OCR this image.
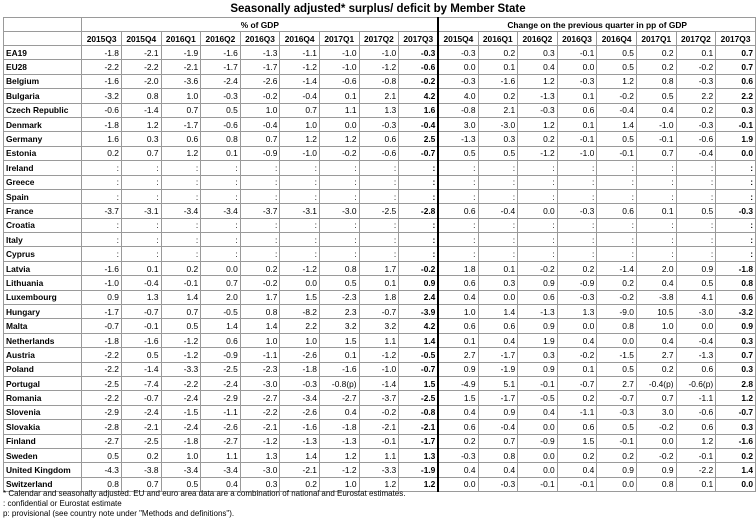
Seasonally adjusted* surplus/ deficit by Member State
	% of GDP									Change on the previous quarter in pp of GDP							
	2015Q3	2015Q4	2016Q1	2016Q2	2016Q3	2016Q4	2017Q1	2017Q2	2017Q3	2015Q4	2016Q1	2016Q2	2016Q3	2016Q4	2017Q1	2017Q2	2017Q3
EA19	-1.8	-2.1	-1.9	-1.6	-1.3	-1.1	-1.0	-1.0	-0.3	-0.3	0.2	0.3	-0.1	0.5	0.2	0.1	0.7
EU28	-2.2	-2.2	-2.1	-1.7	-1.7	-1.2	-1.0	-1.2	-0.6	0.0	0.1	0.4	0.0	0.5	0.2	-0.2	0.7
Belgium	-1.6	-2.0	-3.6	-2.4	-2.6	-1.4	-0.6	-0.8	-0.2	-0.3	-1.6	1.2	-0.3	1.2	0.8	-0.3	0.6
Bulgaria	-3.2	0.8	1.0	-0.3	-0.2	-0.4	0.1	2.1	4.2	4.0	0.2	-1.3	0.1	-0.2	0.5	2.2	2.2
Czech Republic	-0.6	-1.4	0.7	0.5	1.0	0.7	1.1	1.3	1.6	-0.8	2.1	-0.3	0.6	-0.4	0.4	0.2	0.3
Denmark	-1.8	1.2	-1.7	-0.6	-0.4	1.0	0.0	-0.3	-0.4	3.0	-3.0	1.2	0.1	1.4	-1.0	-0.3	-0.1
Germany	1.6	0.3	0.6	0.8	0.7	1.2	1.2	0.6	2.5	-1.3	0.3	0.2	-0.1	0.5	-0.1	-0.6	1.9
Estonia	0.2	0.7	1.2	0.1	-0.9	-1.0	-0.2	-0.6	-0.7	0.5	0.5	-1.2	-1.0	-0.1	0.7	-0.4	0.0
Ireland	:	:	:	:	:	:	:	:	:	:	:	:	:	:	:	:	:
Greece	:	:	:	:	:	:	:	:	:	:	:	:	:	:	:	:	:
Spain	:	:	:	:	:	:	:	:	:	:	:	:	:	:	:	:	:
France	-3.7	-3.1	-3.4	-3.4	-3.7	-3.1	-3.0	-2.5	-2.8	0.6	-0.4	0.0	-0.3	0.6	0.1	0.5	-0.3
Croatia	:	:	:	:	:	:	:	:	:	:	:	:	:	:	:	:	:
Italy	:	:	:	:	:	:	:	:	:	:	:	:	:	:	:	:	:
Cyprus	:	:	:	:	:	:	:	:	:	:	:	:	:	:	:	:	:
Latvia	-1.6	0.1	0.2	0.0	0.2	-1.2	0.8	1.7	-0.2	1.8	0.1	-0.2	0.2	-1.4	2.0	0.9	-1.8
Lithuania	-1.0	-0.4	-0.1	0.7	-0.2	0.0	0.5	0.1	0.9	0.6	0.3	0.9	-0.9	0.2	0.4	0.5	0.8
Luxembourg	0.9	1.3	1.4	2.0	1.7	1.5	-2.3	1.8	2.4	0.4	0.0	0.6	-0.3	-0.2	-3.8	4.1	0.6
Hungary	-1.7	-0.7	0.7	-0.5	0.8	-8.2	2.3	-0.7	-3.9	1.0	1.4	-1.3	1.3	-9.0	10.5	-3.0	-3.2
Malta	-0.7	-0.1	0.5	1.4	1.4	2.2	3.2	3.2	4.2	0.6	0.6	0.9	0.0	0.8	1.0	0.0	0.9
Netherlands	-1.8	-1.6	-1.2	0.6	1.0	1.0	1.5	1.1	1.4	0.1	0.4	1.9	0.4	0.0	0.4	-0.4	0.3
Austria	-2.2	0.5	-1.2	-0.9	-1.1	-2.6	0.1	-1.2	-0.5	2.7	-1.7	0.3	-0.2	-1.5	2.7	-1.3	0.7
Poland	-2.2	-1.4	-3.3	-2.5	-2.3	-1.8	-1.6	-1.0	-0.7	0.9	-1.9	0.9	0.1	0.5	0.2	0.6	0.3
Portugal	-2.5	-7.4	-2.2	-2.4	-3.0	-0.3	-0.8(p)	-1.4	1.5	-4.9	5.1	-0.1	-0.7	2.7	-0.4(p)	-0.6(p)	2.8
Romania	-2.2	-0.7	-2.4	-2.9	-2.7	-3.4	-2.7	-3.7	-2.5	1.5	-1.7	-0.5	0.2	-0.7	0.7	-1.1	1.2
Slovenia	-2.9	-2.4	-1.5	-1.1	-2.2	-2.6	0.4	-0.2	-0.8	0.4	0.9	0.4	-1.1	-0.3	3.0	-0.6	-0.7
Slovakia	-2.8	-2.1	-2.4	-2.6	-2.1	-1.6	-1.8	-2.1	-2.1	0.6	-0.4	0.0	0.6	0.5	-0.2	0.6	0.3
Finland	-2.7	-2.5	-1.8	-2.7	-1.2	-1.3	-1.3	-0.1	-1.7	0.2	0.7	-0.9	1.5	-0.1	0.0	1.2	-1.6
Sweden	0.5	0.2	1.0	1.1	1.3	1.4	1.2	1.1	1.3	-0.3	0.8	0.0	0.2	0.2	-0.2	-0.1	0.2
United Kingdom	-4.3	-3.8	-3.4	-3.4	-3.0	-2.1	-1.2	-3.3	-1.9	0.4	0.4	0.0	0.4	0.9	0.9	-2.2	1.4
Switzerland	0.8	0.7	0.5	0.4	0.3	0.2	1.0	1.2	1.2	0.0	-0.3	-0.1	-0.1	0.0	0.8	0.1	0.0
* Calendar and seasonally adjusted. EU and euro area data are a combination of national and Eurostat estimates.
: confidential or Eurostat estimate
p: provisional (see country note under "Methods and definitions").
